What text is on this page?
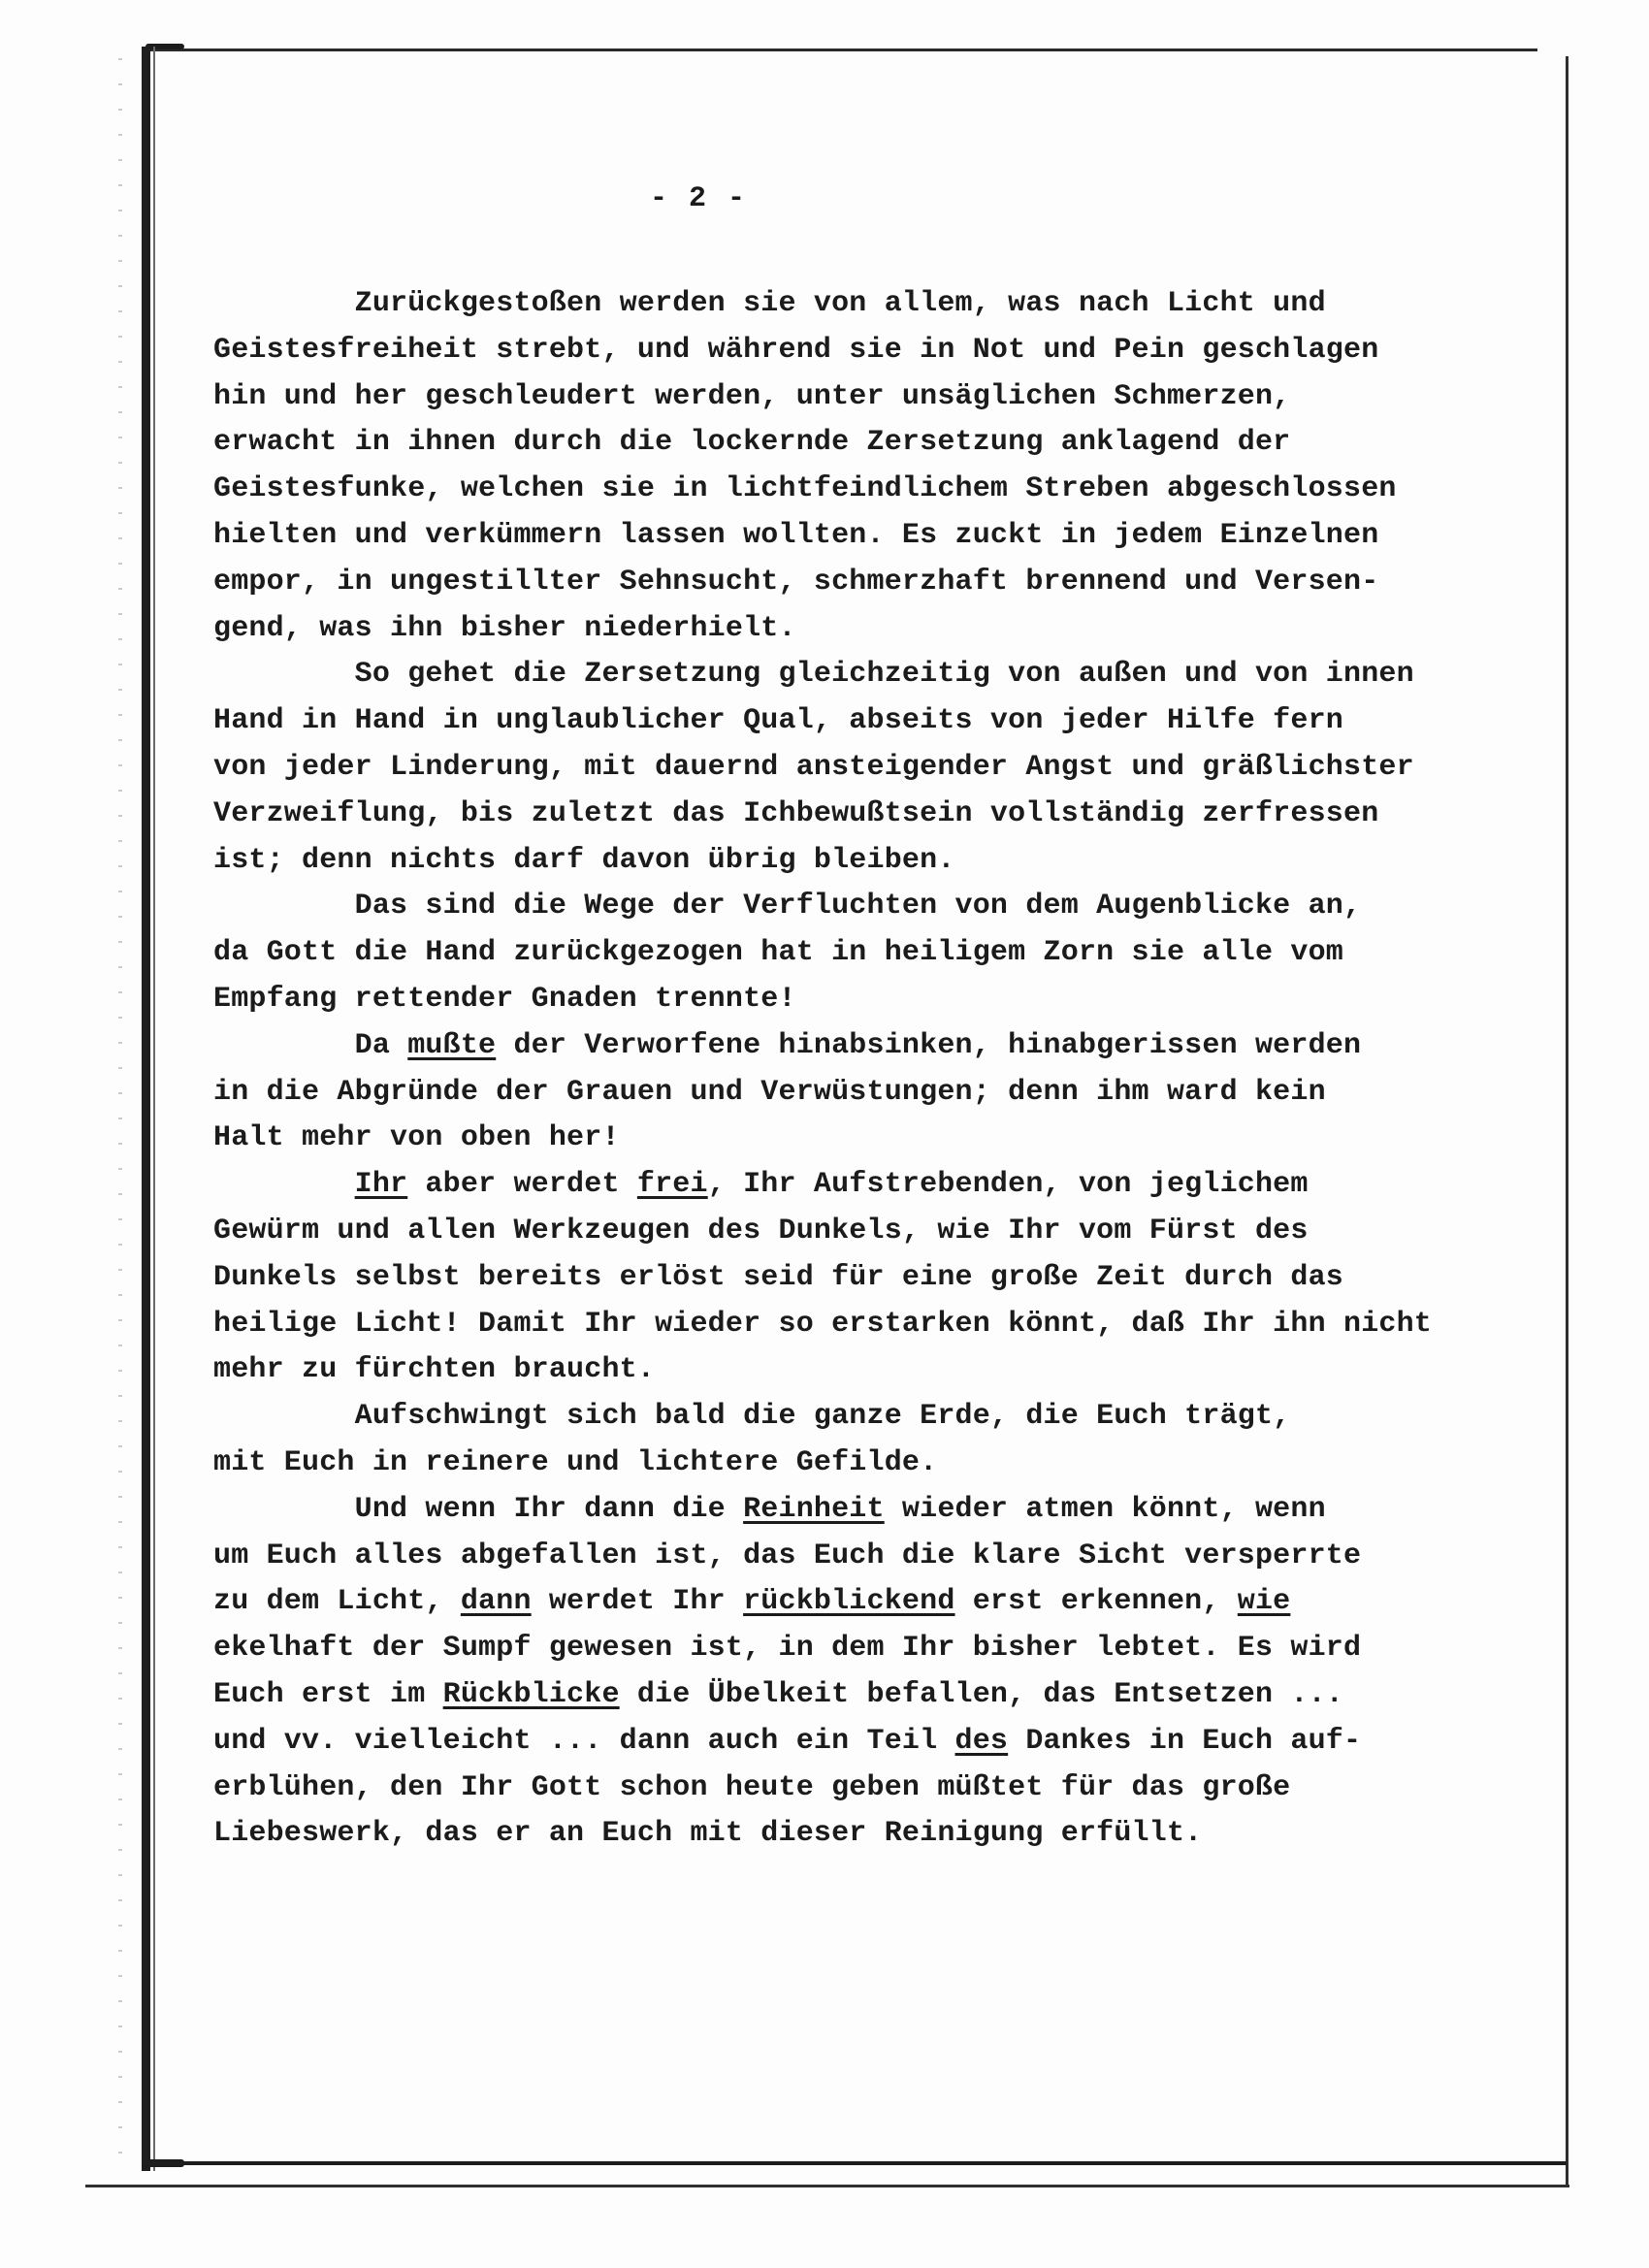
- 2 -
Zurückgestoßen werden sie von allem, was nach Licht und
Geistesfreiheit strebt, und während sie in Not und Pein geschlagen
hin und her geschleudert werden, unter unsäglichen Schmerzen,
erwacht in ihnen durch die lockernde Zersetzung anklagend der
Geistesfunke, welchen sie in lichtfeindlichem Streben abgeschlossen
hielten und verkümmern lassen wollten. Es zuckt in jedem Einzelnen
empor, in ungestillter Sehnsucht, schmerzhaft brennend und Versen-
gend, was ihn bisher niederhielt.
So gehet die Zersetzung gleichzeitig von außen und von innen
Hand in Hand in unglaublicher Qual, abseits von jeder Hilfe fern
von jeder Linderung, mit dauernd ansteigender Angst und gräßlichster
Verzweiflung, bis zuletzt das Ichbewußtsein vollständig zerfressen
ist; denn nichts darf davon übrig bleiben.
Das sind die Wege der Verfluchten von dem Augenblicke an,
da Gott die Hand zurückgezogen hat in heiligem Zorn sie alle vom
Empfang rettender Gnaden trennte!
Da mußte der Verworfene hinabsinken, hinabgerissen werden
in die Abgründe der Grauen und Verwüstungen; denn ihm ward kein
Halt mehr von oben her!
Ihr aber werdet frei, Ihr Aufstrebenden, von jeglichem
Gewürm und allen Werkzeugen des Dunkels, wie Ihr vom Fürst des
Dunkels selbst bereits erlöst seid für eine große Zeit durch das
heilige Licht! Damit Ihr wieder so erstarken könnt, daß Ihr ihn nicht
mehr zu fürchten braucht.
Aufschwingt sich bald die ganze Erde, die Euch trägt,
mit Euch in reinere und lichtere Gefilde.
Und wenn Ihr dann die Reinheit wieder atmen könnt, wenn
um Euch alles abgefallen ist, das Euch die klare Sicht versperrte
zu dem Licht, dann werdet Ihr rückblickend erst erkennen, wie
ekelhaft der Sumpf gewesen ist, in dem Ihr bisher lebtet. Es wird
Euch erst im Rückblicke die Übelkeit befallen, das Entsetzen ...
und vv. vielleicht ... dann auch ein Teil des Dankes in Euch auf-
erblühen, den Ihr Gott schon heute geben müßtet für das große
Liebeswerk, das er an Euch mit dieser Reinigung erfüllt.
